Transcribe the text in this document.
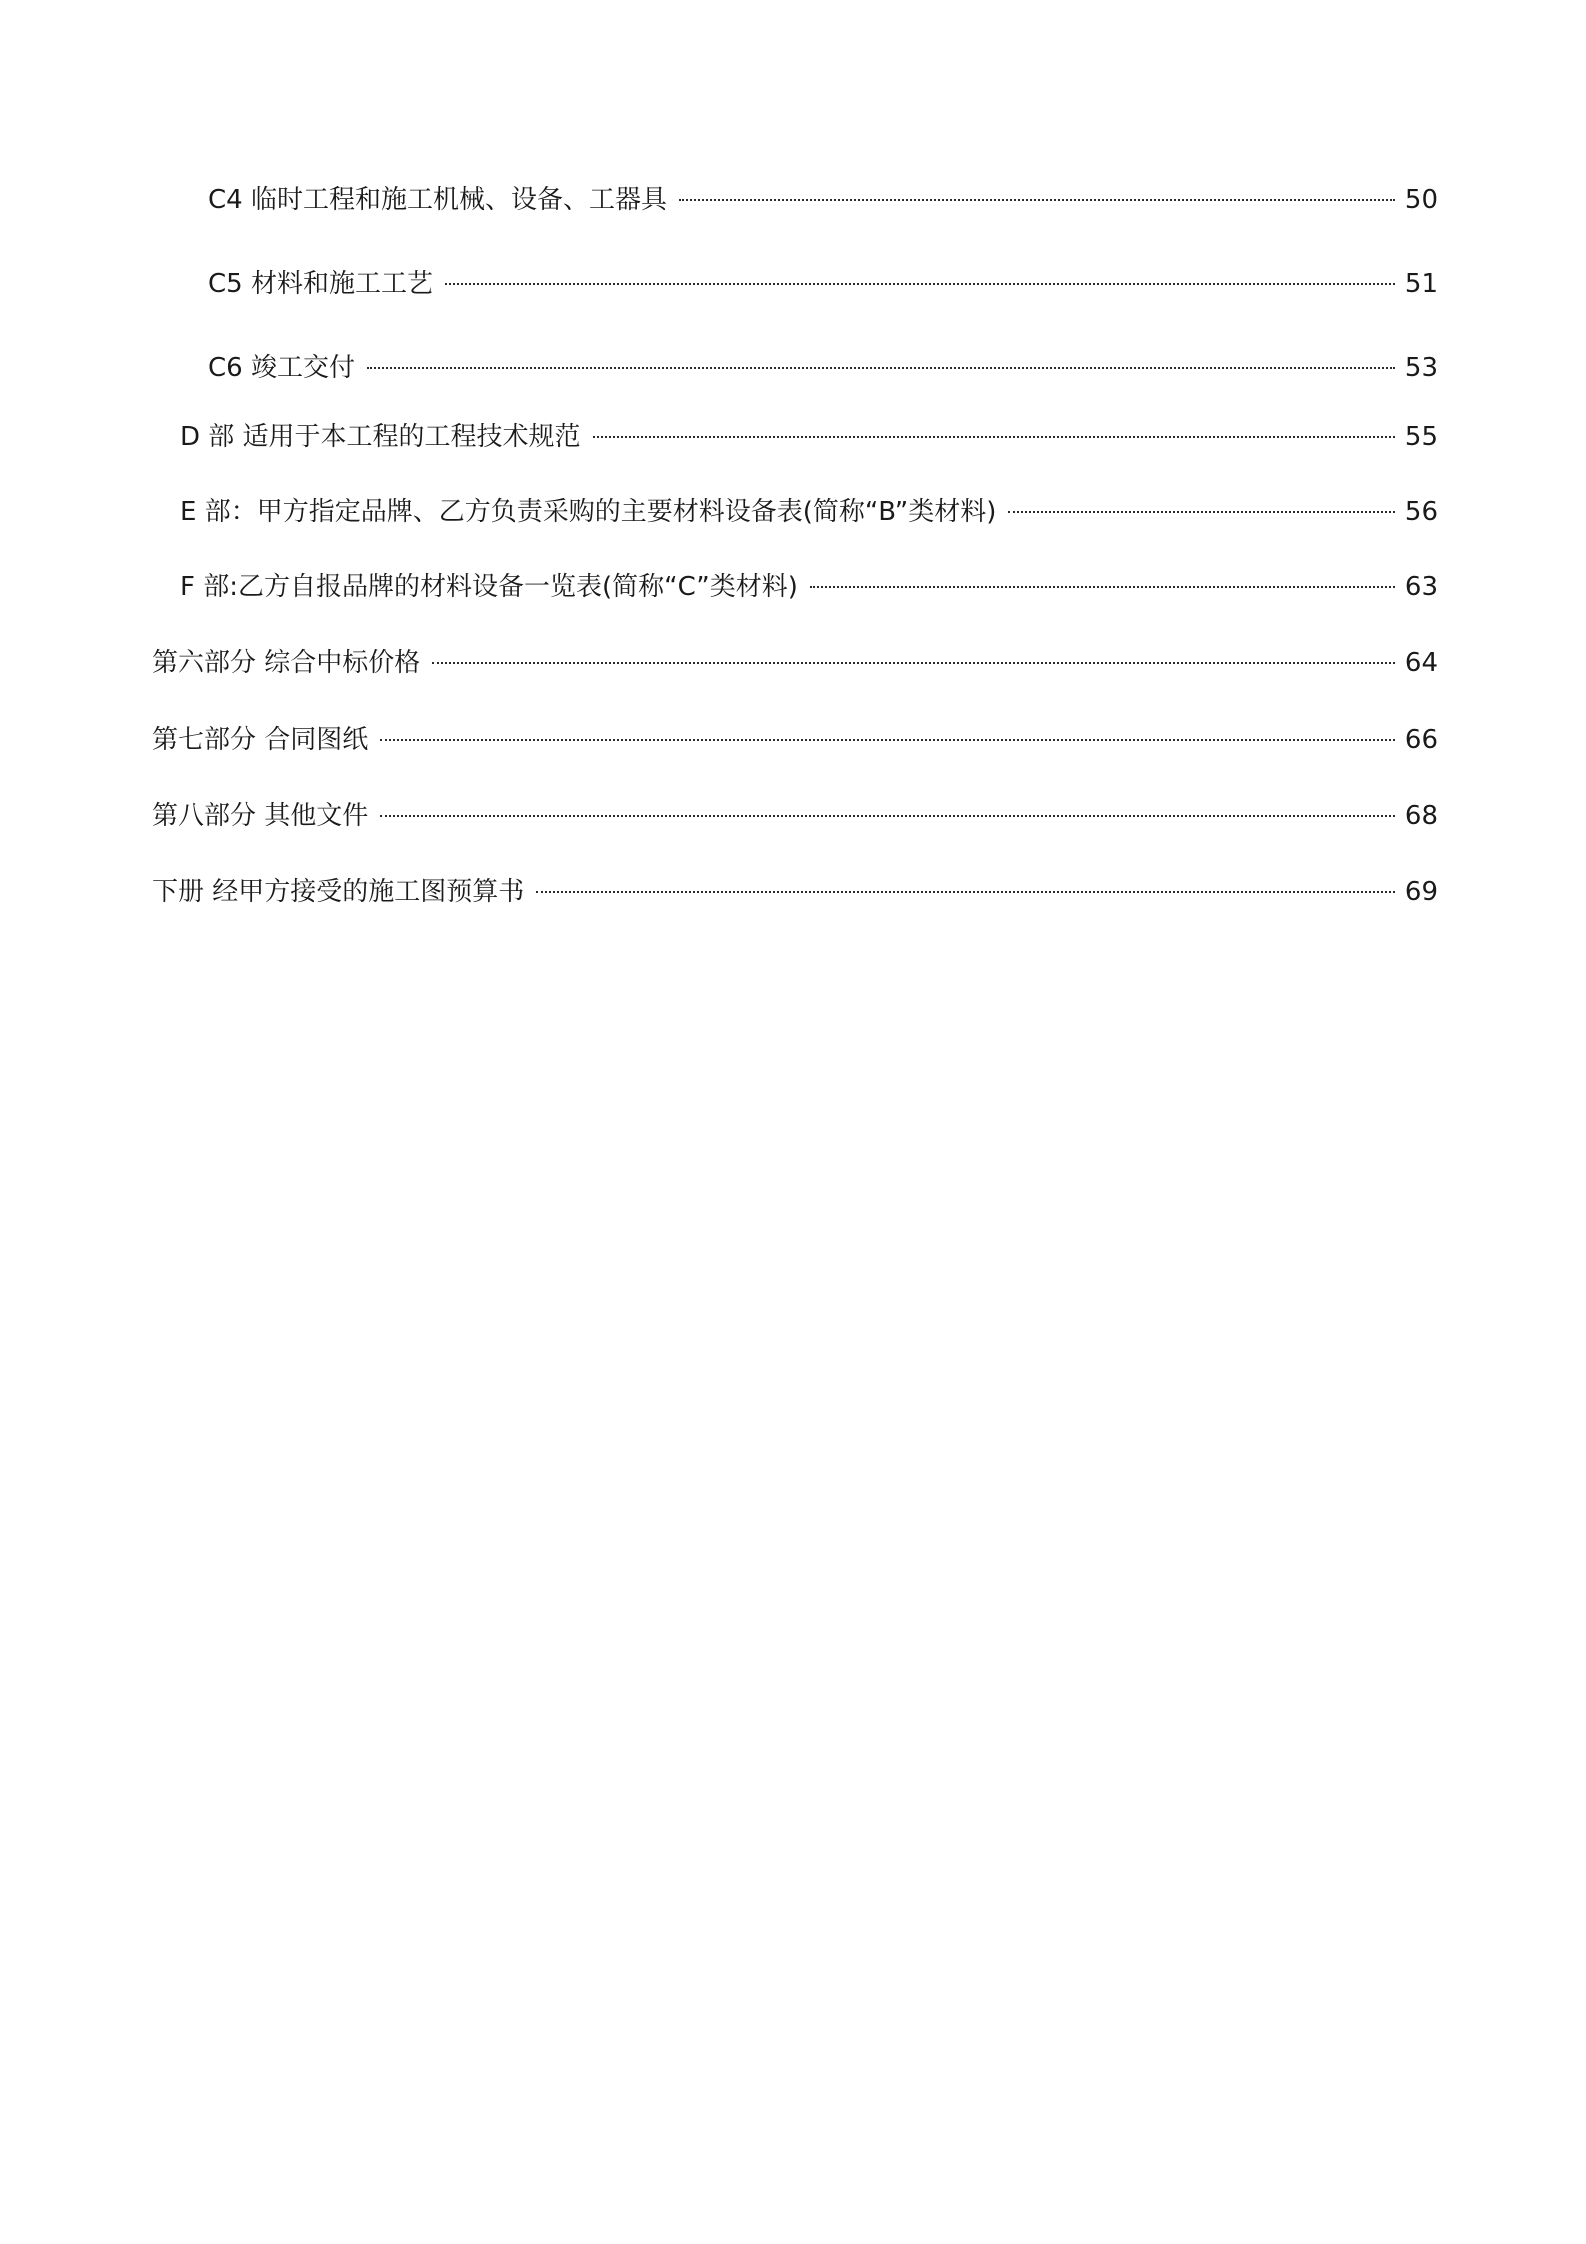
C4 临时工程和施工机械、设备、工器具	50
C5 材料和施工工艺	51
C6 竣工交付	53
D 部 适用于本工程的工程技术规范	55
E 部：甲方指定品牌、乙方负责采购的主要材料设备表(简称“B”类材料)	56
F 部:乙方自报品牌的材料设备一览表(简称“C”类材料)	63
第六部分 综合中标价格	64
第七部分 合同图纸	66
第八部分 其他文件	68
下册 经甲方接受的施工图预算书	69
